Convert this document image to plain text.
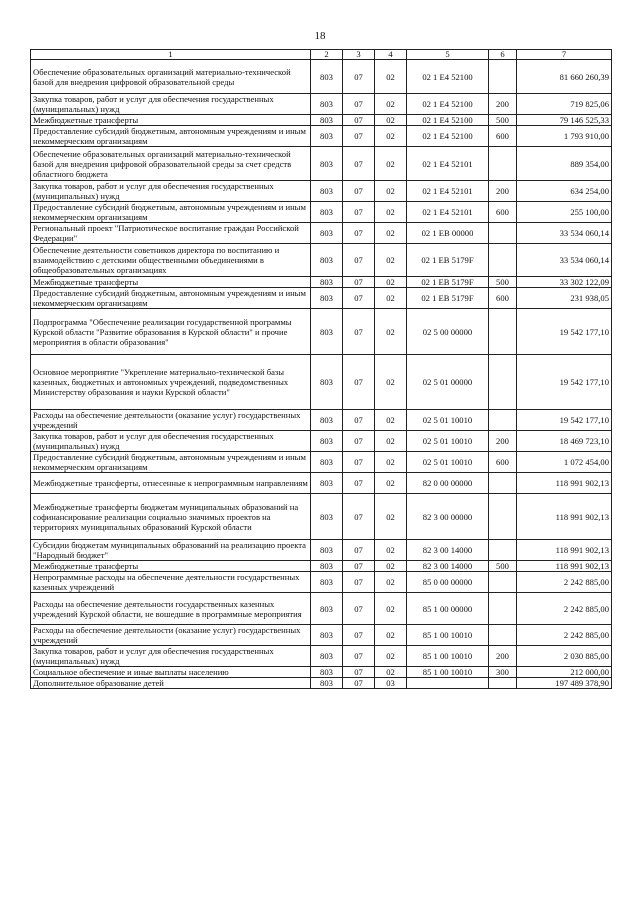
18
1	2	3	4	5	6	7
Обеспечение образовательных организаций материально-технической базой для внедрения цифровой образовательной среды	803	07	02	02 1 E4 52100		81 660 260,39
Закупка товаров, работ и услуг для обеспечения государственных (муниципальных) нужд	803	07	02	02 1 E4 52100	200	719 825,06
Межбюджетные трансферты	803	07	02	02 1 E4 52100	500	79 146 525,33
Предоставление субсидий бюджетным, автономным учреждениям и иным некоммерческим организациям	803	07	02	02 1 E4 52100	600	1 793 910,00
Обеспечение образовательных организаций материально-технической базой для внедрения цифровой образовательной среды за счет средств областного бюджета	803	07	02	02 1 E4 52101		889 354,00
Закупка товаров, работ и услуг для обеспечения государственных (муниципальных) нужд	803	07	02	02 1 E4 52101	200	634 254,00
Предоставление субсидий бюджетным, автономным учреждениям и иным некоммерческим организациям	803	07	02	02 1 E4 52101	600	255 100,00
Региональный проект "Патриотическое воспитание граждан Российской Федерации"	803	07	02	02 1 EB 00000		33 534 060,14
Обеспечение деятельности советников директора по воспитанию и взаимодействию с детскими общественными объединениями в общеобразовательных организациях	803	07	02	02 1 EB 5179F		33 534 060,14
Межбюджетные трансферты	803	07	02	02 1 EB 5179F	500	33 302 122,09
Предоставление субсидий бюджетным, автономным учреждениям и иным некоммерческим организациям	803	07	02	02 1 EB 5179F	600	231 938,05
Подпрограмма "Обеспечение реализации государственной программы Курской области "Развитие образования в Курской области" и прочие мероприятия в области образования"	803	07	02	02 5 00 00000		19 542 177,10
Основное мероприятие "Укрепление материально-технической базы казенных, бюджетных и автономных учреждений, подведомственных Министерству образования и науки Курской области"	803	07	02	02 5 01 00000		19 542 177,10
Расходы на обеспечение деятельности (оказание услуг) государственных учреждений	803	07	02	02 5 01 10010		19 542 177,10
Закупка товаров, работ и услуг для обеспечения государственных (муниципальных) нужд	803	07	02	02 5 01 10010	200	18 469 723,10
Предоставление субсидий бюджетным, автономным учреждениям и иным некоммерческим организациям	803	07	02	02 5 01 10010	600	1 072 454,00
Межбюджетные трансферты, отнесенные к непрограммным направлениям	803	07	02	82 0 00 00000		118 991 902,13
Межбюджетные трансферты бюджетам муниципальных образований на софинансирование реализации социально значимых проектов на территориях муниципальных образований Курской области	803	07	02	82 3 00 00000		118 991 902,13
Субсидии бюджетам муниципальных образований на реализацию проекта "Народный бюджет"	803	07	02	82 3 00 14000		118 991 902,13
Межбюджетные трансферты	803	07	02	82 3 00 14000	500	118 991 902,13
Непрограммные расходы на обеспечение деятельности государственных казенных учреждений	803	07	02	85 0 00 00000		2 242 885,00
Расходы на обеспечение деятельности государственных казенных учреждений Курской области, не вошедшие в программные мероприятия	803	07	02	85 1 00 00000		2 242 885,00
Расходы на обеспечение деятельности (оказание услуг) государственных учреждений	803	07	02	85 1 00 10010		2 242 885,00
Закупка товаров, работ и услуг для обеспечения государственных (муниципальных) нужд	803	07	02	85 1 00 10010	200	2 030 885,00
Социальное обеспечение и иные выплаты населению	803	07	02	85 1 00 10010	300	212 000,00
Дополнительное образование детей	803	07	03			197 489 378,90
